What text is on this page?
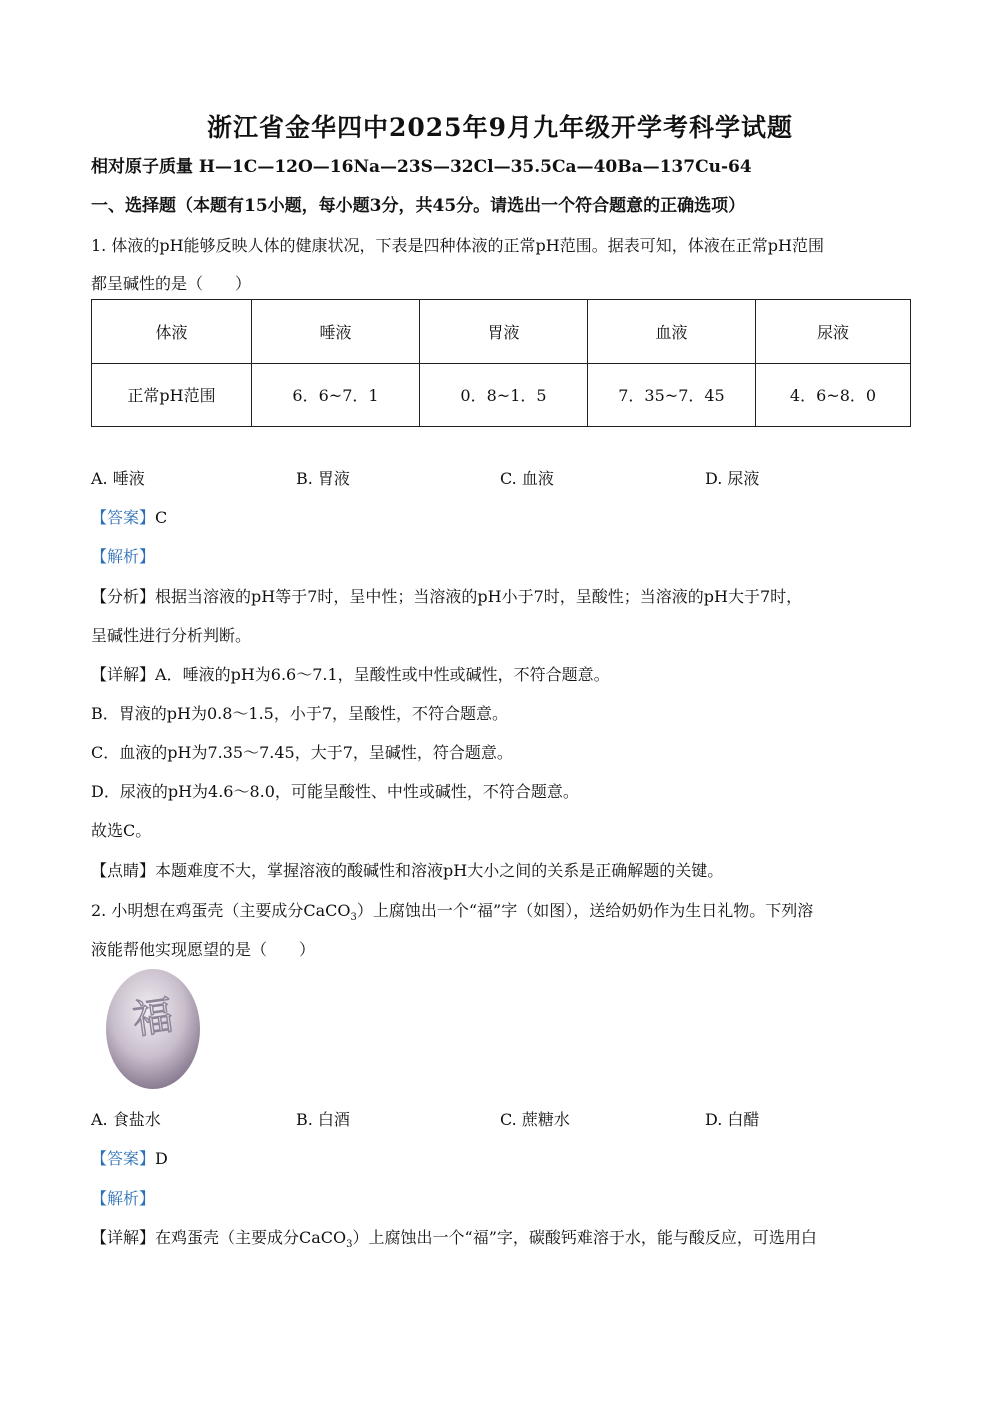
浙江省金华四中2025年9月九年级开学考科学试题
相对原子质量 H—1C—12O—16Na—23S—32Cl—35.5Ca—40Ba—137Cu-64
一、选择题（本题有15小题，每小题3分，共45分。请选出一个符合题意的正确选项）
1. 体液的pH能够反映人体的健康状况，下表是四种体液的正常pH范围。据表可知，体液在正常pH范围
都呈碱性的是（　　）
体液	唾液	胃液	血液	尿液
正常pH范围	6．6~7．1	0．8~1．5	7．35~7．45	4．6~8．0
A. 唾液	B. 胃液	C. 血液	D. 尿液
【答案】C
【解析】
【分析】根据当溶液的pH等于7时，呈中性；当溶液的pH小于7时，呈酸性；当溶液的pH大于7时，
呈碱性进行分析判断。
【详解】A．唾液的pH为6.6～7.1，呈酸性或中性或碱性，不符合题意。
B．胃液的pH为0.8～1.5，小于7，呈酸性，不符合题意。
C．血液的pH为7.35～7.45，大于7，呈碱性，符合题意。
D．尿液的pH为4.6～8.0，可能呈酸性、中性或碱性，不符合题意。
故选C。
【点睛】本题难度不大，掌握溶液的酸碱性和溶液pH大小之间的关系是正确解题的关键。
2. 小明想在鸡蛋壳（主要成分CaCO$_3$）上腐蚀出一个“福”字（如图），送给奶奶作为生日礼物。下列溶
液能帮他实现愿望的是（　　）
福
A. 食盐水	B. 白酒	C. 蔗糖水	D. 白醋
【答案】D
【解析】
【详解】在鸡蛋壳（主要成分CaCO$_3$）上腐蚀出一个“福”字，碳酸钙难溶于水，能与酸反应，可选用白
